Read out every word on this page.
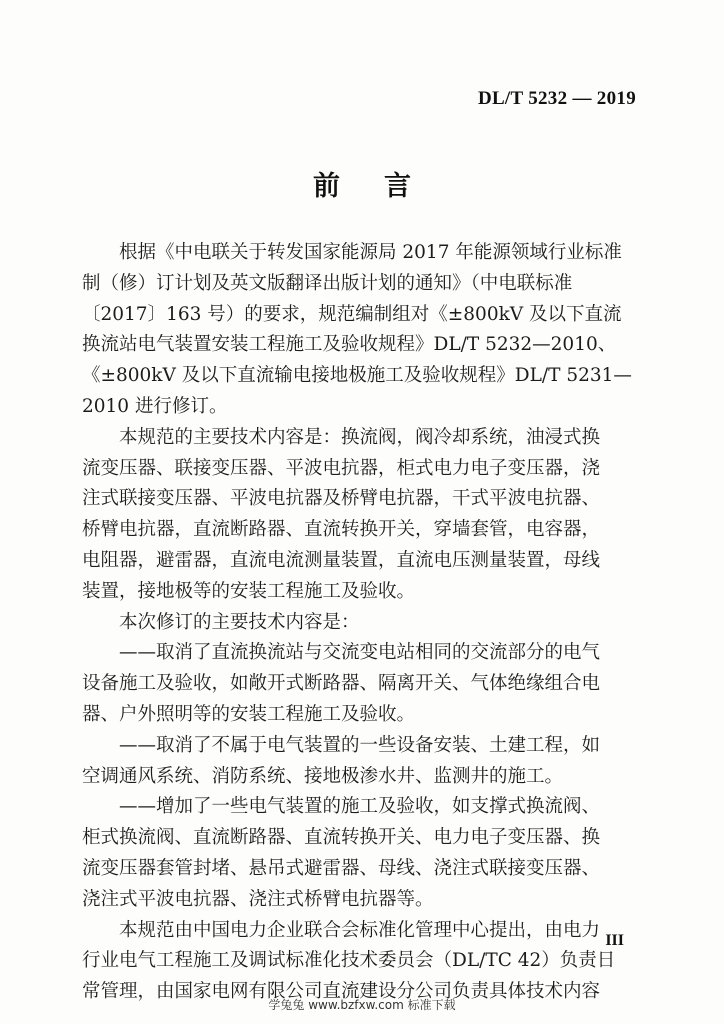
DL/T 5232 — 2019
前言
根据《中电联关于转发国家能源局 2017 年能源领域行业标准
制（修）订计划及英文版翻译出版计划的通知》（中电联标准
〔2017〕163 号）的要求，规范编制组对《±800kV 及以下直流
换流站电气装置安装工程施工及验收规程》DL/T 5232—2010、
《±800kV 及以下直流输电接地极施工及验收规程》DL/T 5231—
2010 进行修订。
本规范的主要技术内容是：换流阀，阀冷却系统，油浸式换
流变压器、联接变压器、平波电抗器，柜式电力电子变压器，浇
注式联接变压器、平波电抗器及桥臂电抗器，干式平波电抗器、
桥臂电抗器，直流断路器、直流转换开关，穿墙套管，电容器，
电阻器，避雷器，直流电流测量装置，直流电压测量装置，母线
装置，接地极等的安装工程施工及验收。
本次修订的主要技术内容是：
——取消了直流换流站与交流变电站相同的交流部分的电气
设备施工及验收，如敞开式断路器、隔离开关、气体绝缘组合电
器、户外照明等的安装工程施工及验收。
——取消了不属于电气装置的一些设备安装、土建工程，如
空调通风系统、消防系统、接地极渗水井、监测井的施工。
——增加了一些电气装置的施工及验收，如支撑式换流阀、
柜式换流阀、直流断路器、直流转换开关、电力电子变压器、换
流变压器套管封堵、悬吊式避雷器、母线、浇注式联接变压器、
浇注式平波电抗器、浇注式桥臂电抗器等。
本规范由中国电力企业联合会标准化管理中心提出，由电力
行业电气工程施工及调试标准化技术委员会（DL/TC 42）负责日
常管理，由国家电网有限公司直流建设分公司负责具体技术内容
III
学兔兔 www.bzfxw.com 标准下载
